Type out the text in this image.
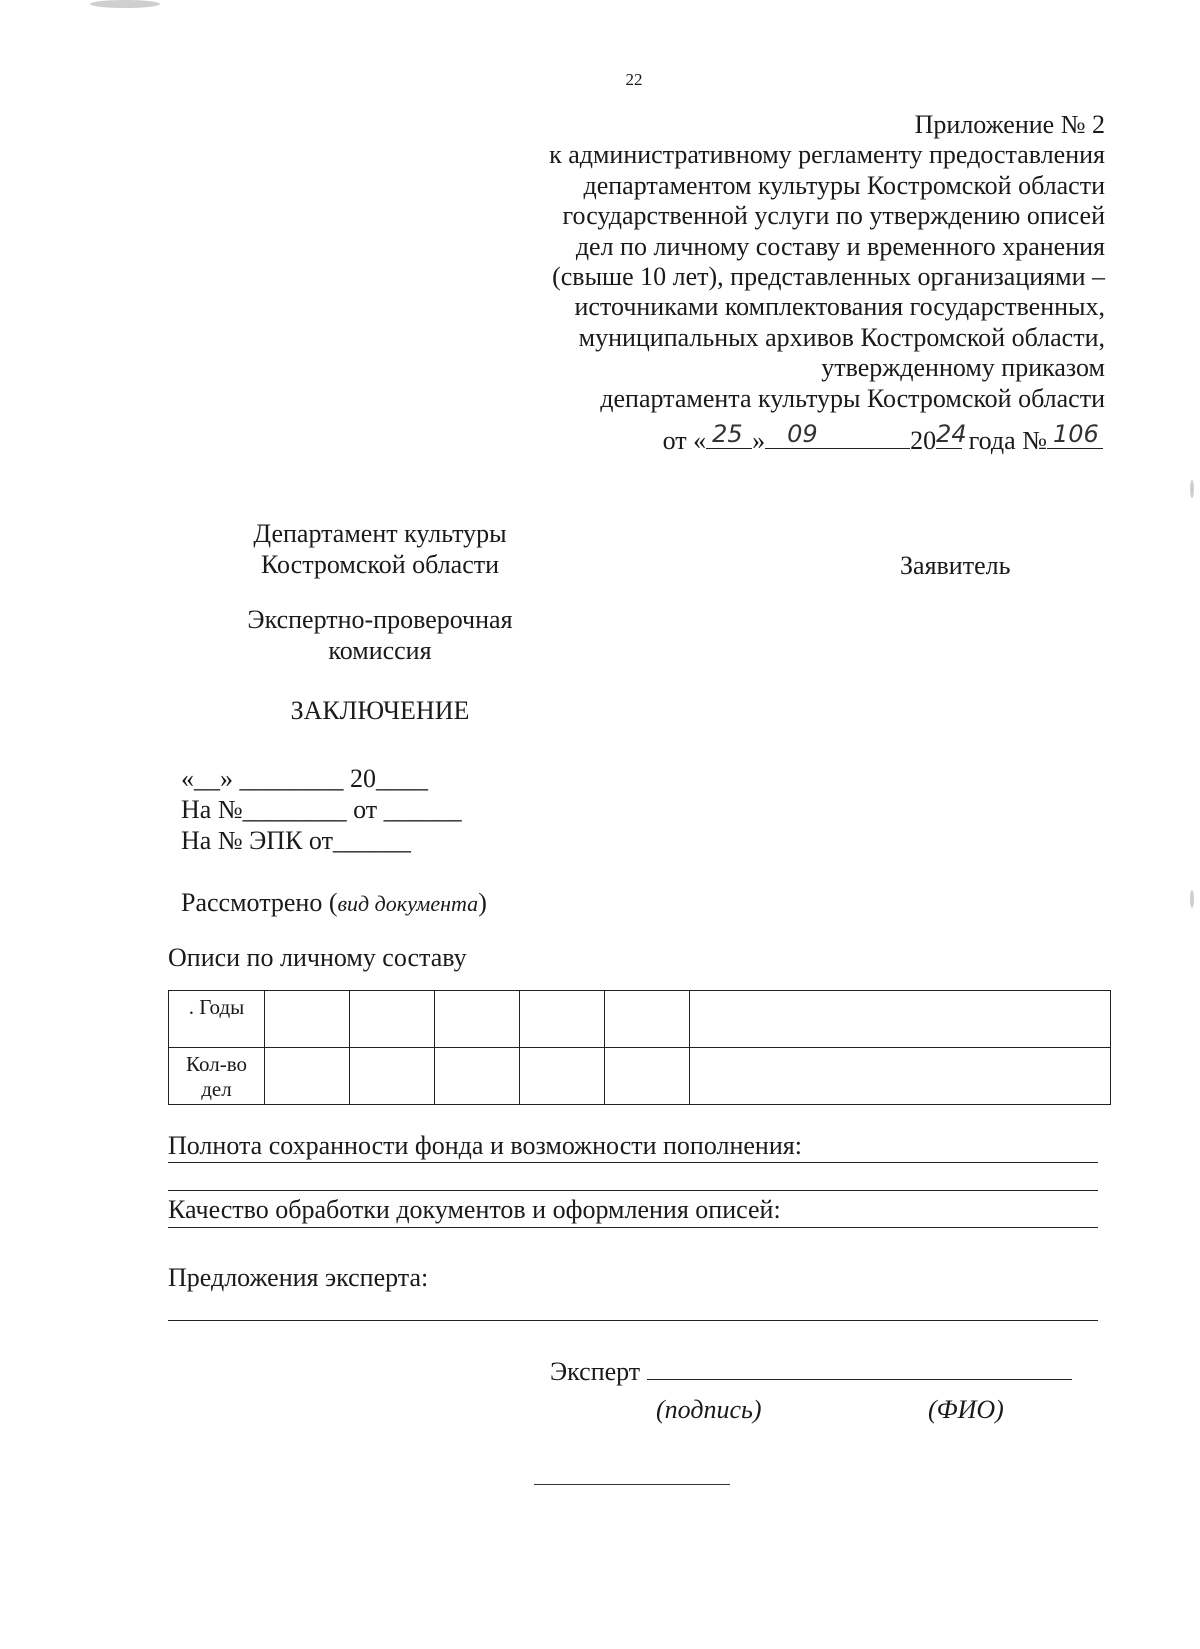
22
Приложение № 2
к административному регламенту предоставления
департаментом культуры Костромской области
государственной услуги по утверждению описей
дел по личному составу и временного хранения
(свыше 10 лет), представленных организациями –
источниками комплектования государственных,
муниципальных архивов Костромской области,
утвержденному приказом
департамента культуры Костромской области
от « 25 » 09	20 24
года № 106
Департамент культуры
Костромской области	Заявитель
Экспертно-проверочная
комиссия
ЗАКЛЮЧЕНИЕ
«__» ________ 20____
На №________ от ______
На № ЭПК от______
Рассмотрено (вид документа)
Описи по личному составу
. Годы						

Кол-во
дел						

Полнота сохранности фонда и возможности пополнения:
Качество обработки документов и оформления описей:
Предложения эксперта:
Эксперт
(подпись)	(ФИО)
